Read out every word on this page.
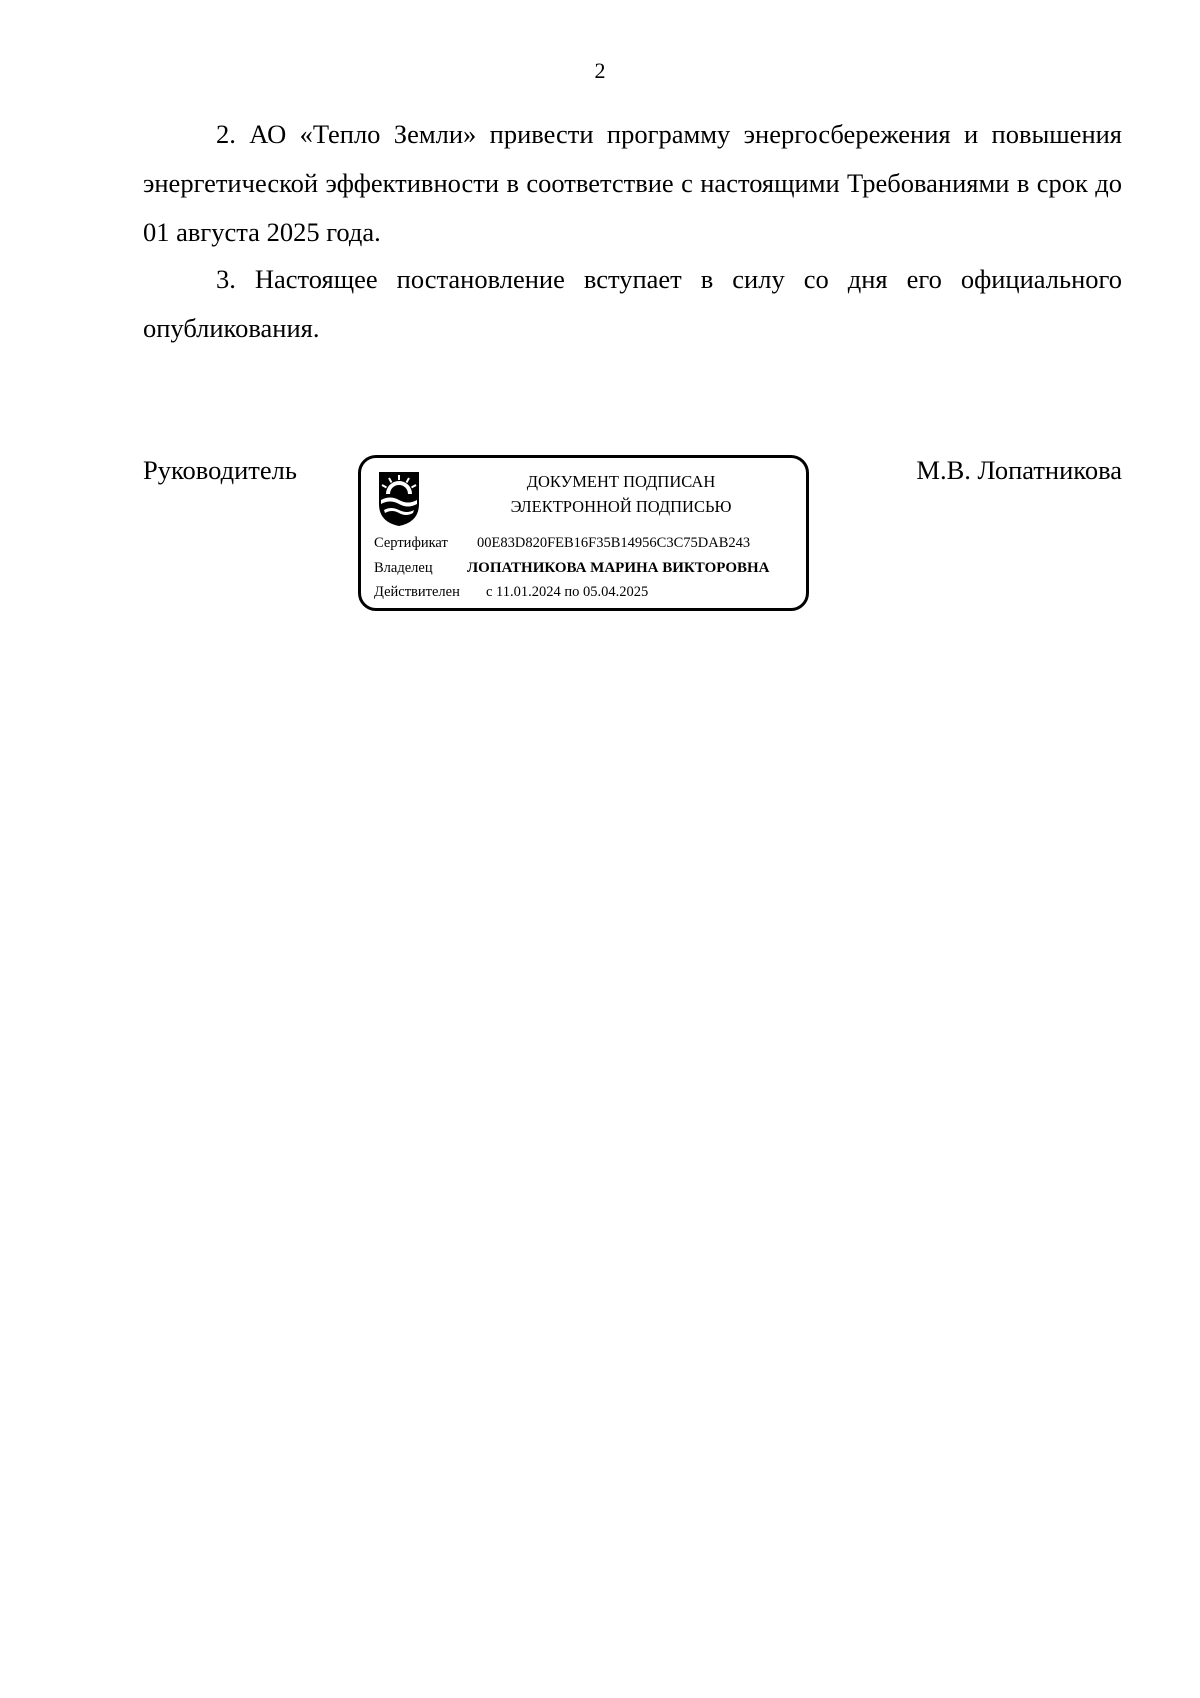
2

2. АО «Тепло Земли» привести программу энергосбережения и повышения энергетической эффективности в соответствие с настоящими Требованиями в срок до 01 августа 2025 года.

3. Настоящее постановление вступает в силу со дня его официального опубликования.

Руководитель	ДОКУМЕНТ ПОДПИСАН
ЭЛЕКТРОННОЙ ПОДПИСЬЮ
Сертификат 00E83D820FEB16F35B14956C3C75DAB243
Владелец ЛОПАТНИКОВА МАРИНА ВИКТОРОВНА
Действителен с 11.01.2024 по 05.04.2025
М.В. Лопатникова
